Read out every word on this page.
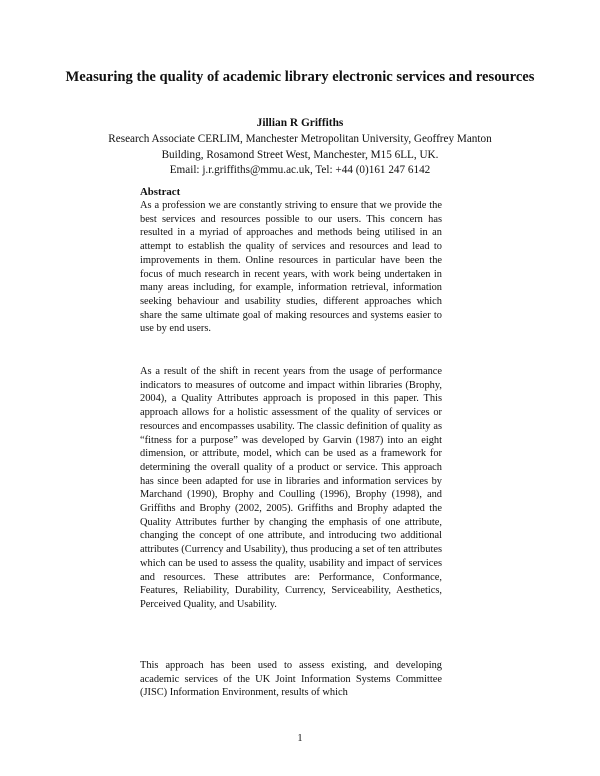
Measuring the quality of academic library electronic services and resources
Jillian R Griffiths
Research Associate CERLIM, Manchester Metropolitan University, Geoffrey Manton
Building, Rosamond Street West, Manchester, M15 6LL, UK.
Email: j.r.griffiths@mmu.ac.uk, Tel: +44 (0)161 247 6142
Abstract

As a profession we are constantly striving to ensure that we provide the best services and resources possible to our users. This concern has resulted in a myriad of approaches and methods being utilised in an attempt to establish the quality of services and resources and lead to improvements in them. Online resources in particular have been the focus of much research in recent years, with work being undertaken in many areas including, for example, information retrieval, information seeking behaviour and usability studies, different approaches which share the same ultimate goal of making resources and systems easier to use by end users.

As a result of the shift in recent years from the usage of performance indicators to measures of outcome and impact within libraries (Brophy, 2004), a Quality Attributes approach is proposed in this paper. This approach allows for a holistic assessment of the quality of services or resources and encompasses usability. The classic definition of quality as “fitness for a purpose” was developed by Garvin (1987) into an eight dimension, or attribute, model, which can be used as a framework for determining the overall quality of a product or service. This approach has since been adapted for use in libraries and information services by Marchand (1990), Brophy and Coulling (1996), Brophy (1998), and Griffiths and Brophy (2002, 2005). Griffiths and Brophy adapted the Quality Attributes further by changing the emphasis of one attribute, changing the concept of one attribute, and introducing two additional attributes (Currency and Usability), thus producing a set of ten attributes which can be used to assess the quality, usability and impact of services and resources. These attributes are: Performance, Conformance, Features, Reliability, Durability, Currency, Serviceability, Aesthetics, Perceived Quality, and Usability.

This approach has been used to assess existing, and developing academic services of the UK Joint Information Systems Committee (JISC) Information Environment, results of which

1
